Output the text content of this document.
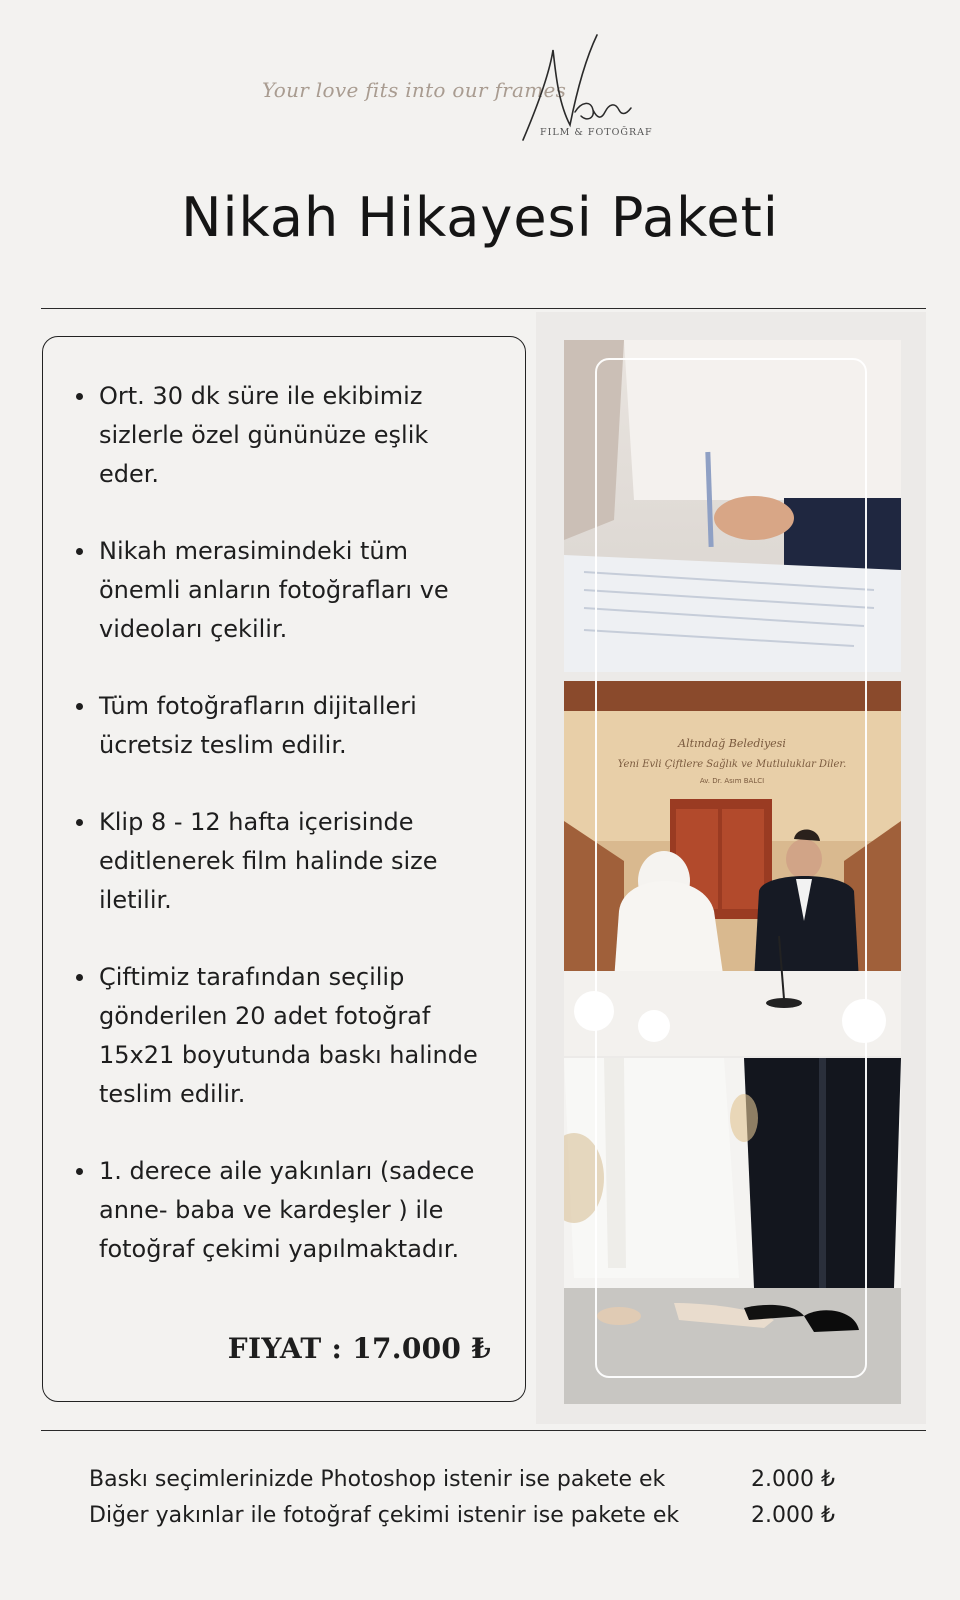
Your love fits into our frames
FILM & FOTOĞRAF
Nikah Hikayesi Paketi
Ort. 30 dk süre ile ekibimiz sizlerle özel gününüze eşlik eder.
Nikah merasimindeki tüm önemli anların fotoğrafları ve videoları çekilir.
Tüm fotoğrafların dijitalleri ücretsiz teslim edilir.
Klip 8 - 12 hafta içerisinde editlenerek film halinde size iletilir.
Çiftimiz tarafından seçilip gönderilen 20 adet fotoğraf 15x21 boyutunda baskı halinde teslim edilir.
1. derece aile yakınları (sadece anne- baba ve kardeşler ) ile fotoğraf çekimi yapılmaktadır.
FIYAT : 17.000 ₺
Altındağ Belediyesi
Yeni Evli Çiftlere Sağlık ve Mutluluklar Diler.
Av. Dr. Asım BALCI
Baskı seçimlerinizde Photoshop istenir ise pakete ek	2.000 ₺
Diğer yakınlar ile fotoğraf çekimi istenir ise pakete ek	2.000 ₺
